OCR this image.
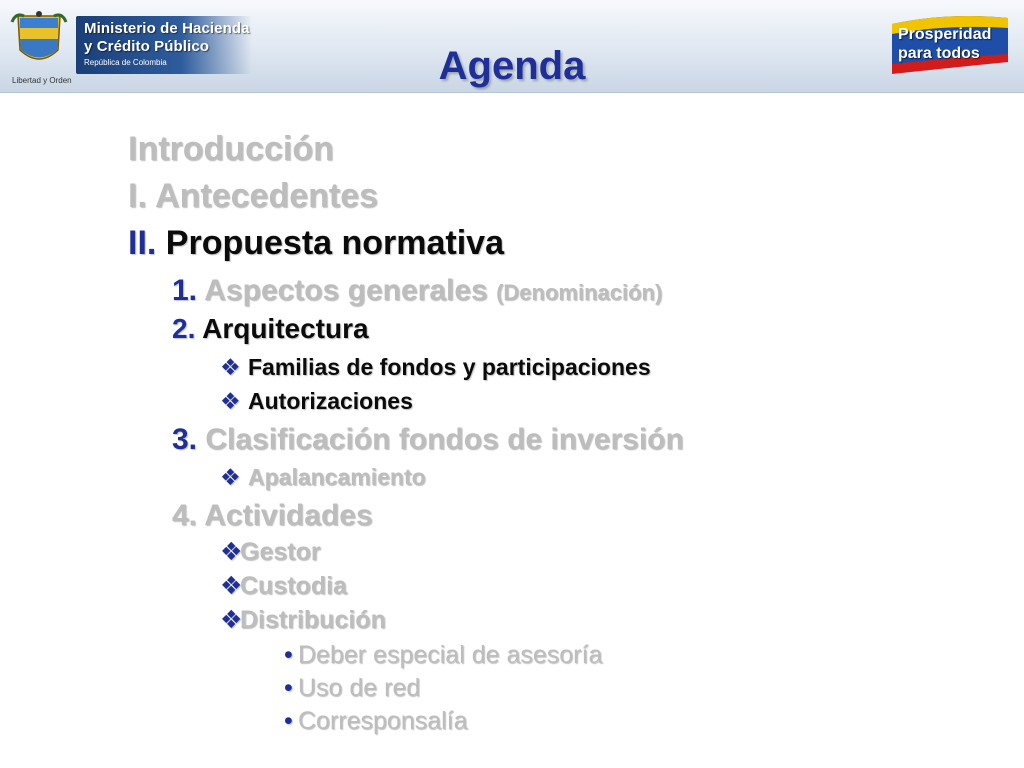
Libertad y Orden
Ministerio de Hacienda
y Crédito Público
República de Colombia	Agenda
Prosperidad
para todos
Introducción
I. Antecedentes
II. Propuesta normativa
1. Aspectos generales (Denominación)
2. Arquitectura
❖ Familias de fondos y participaciones
❖ Autorizaciones
3. Clasificación fondos de inversión
❖ Apalancamiento
4. Actividades
❖Gestor
❖Custodia
❖Distribución
• Deber especial de asesoría
• Uso de red
• Corresponsalía
